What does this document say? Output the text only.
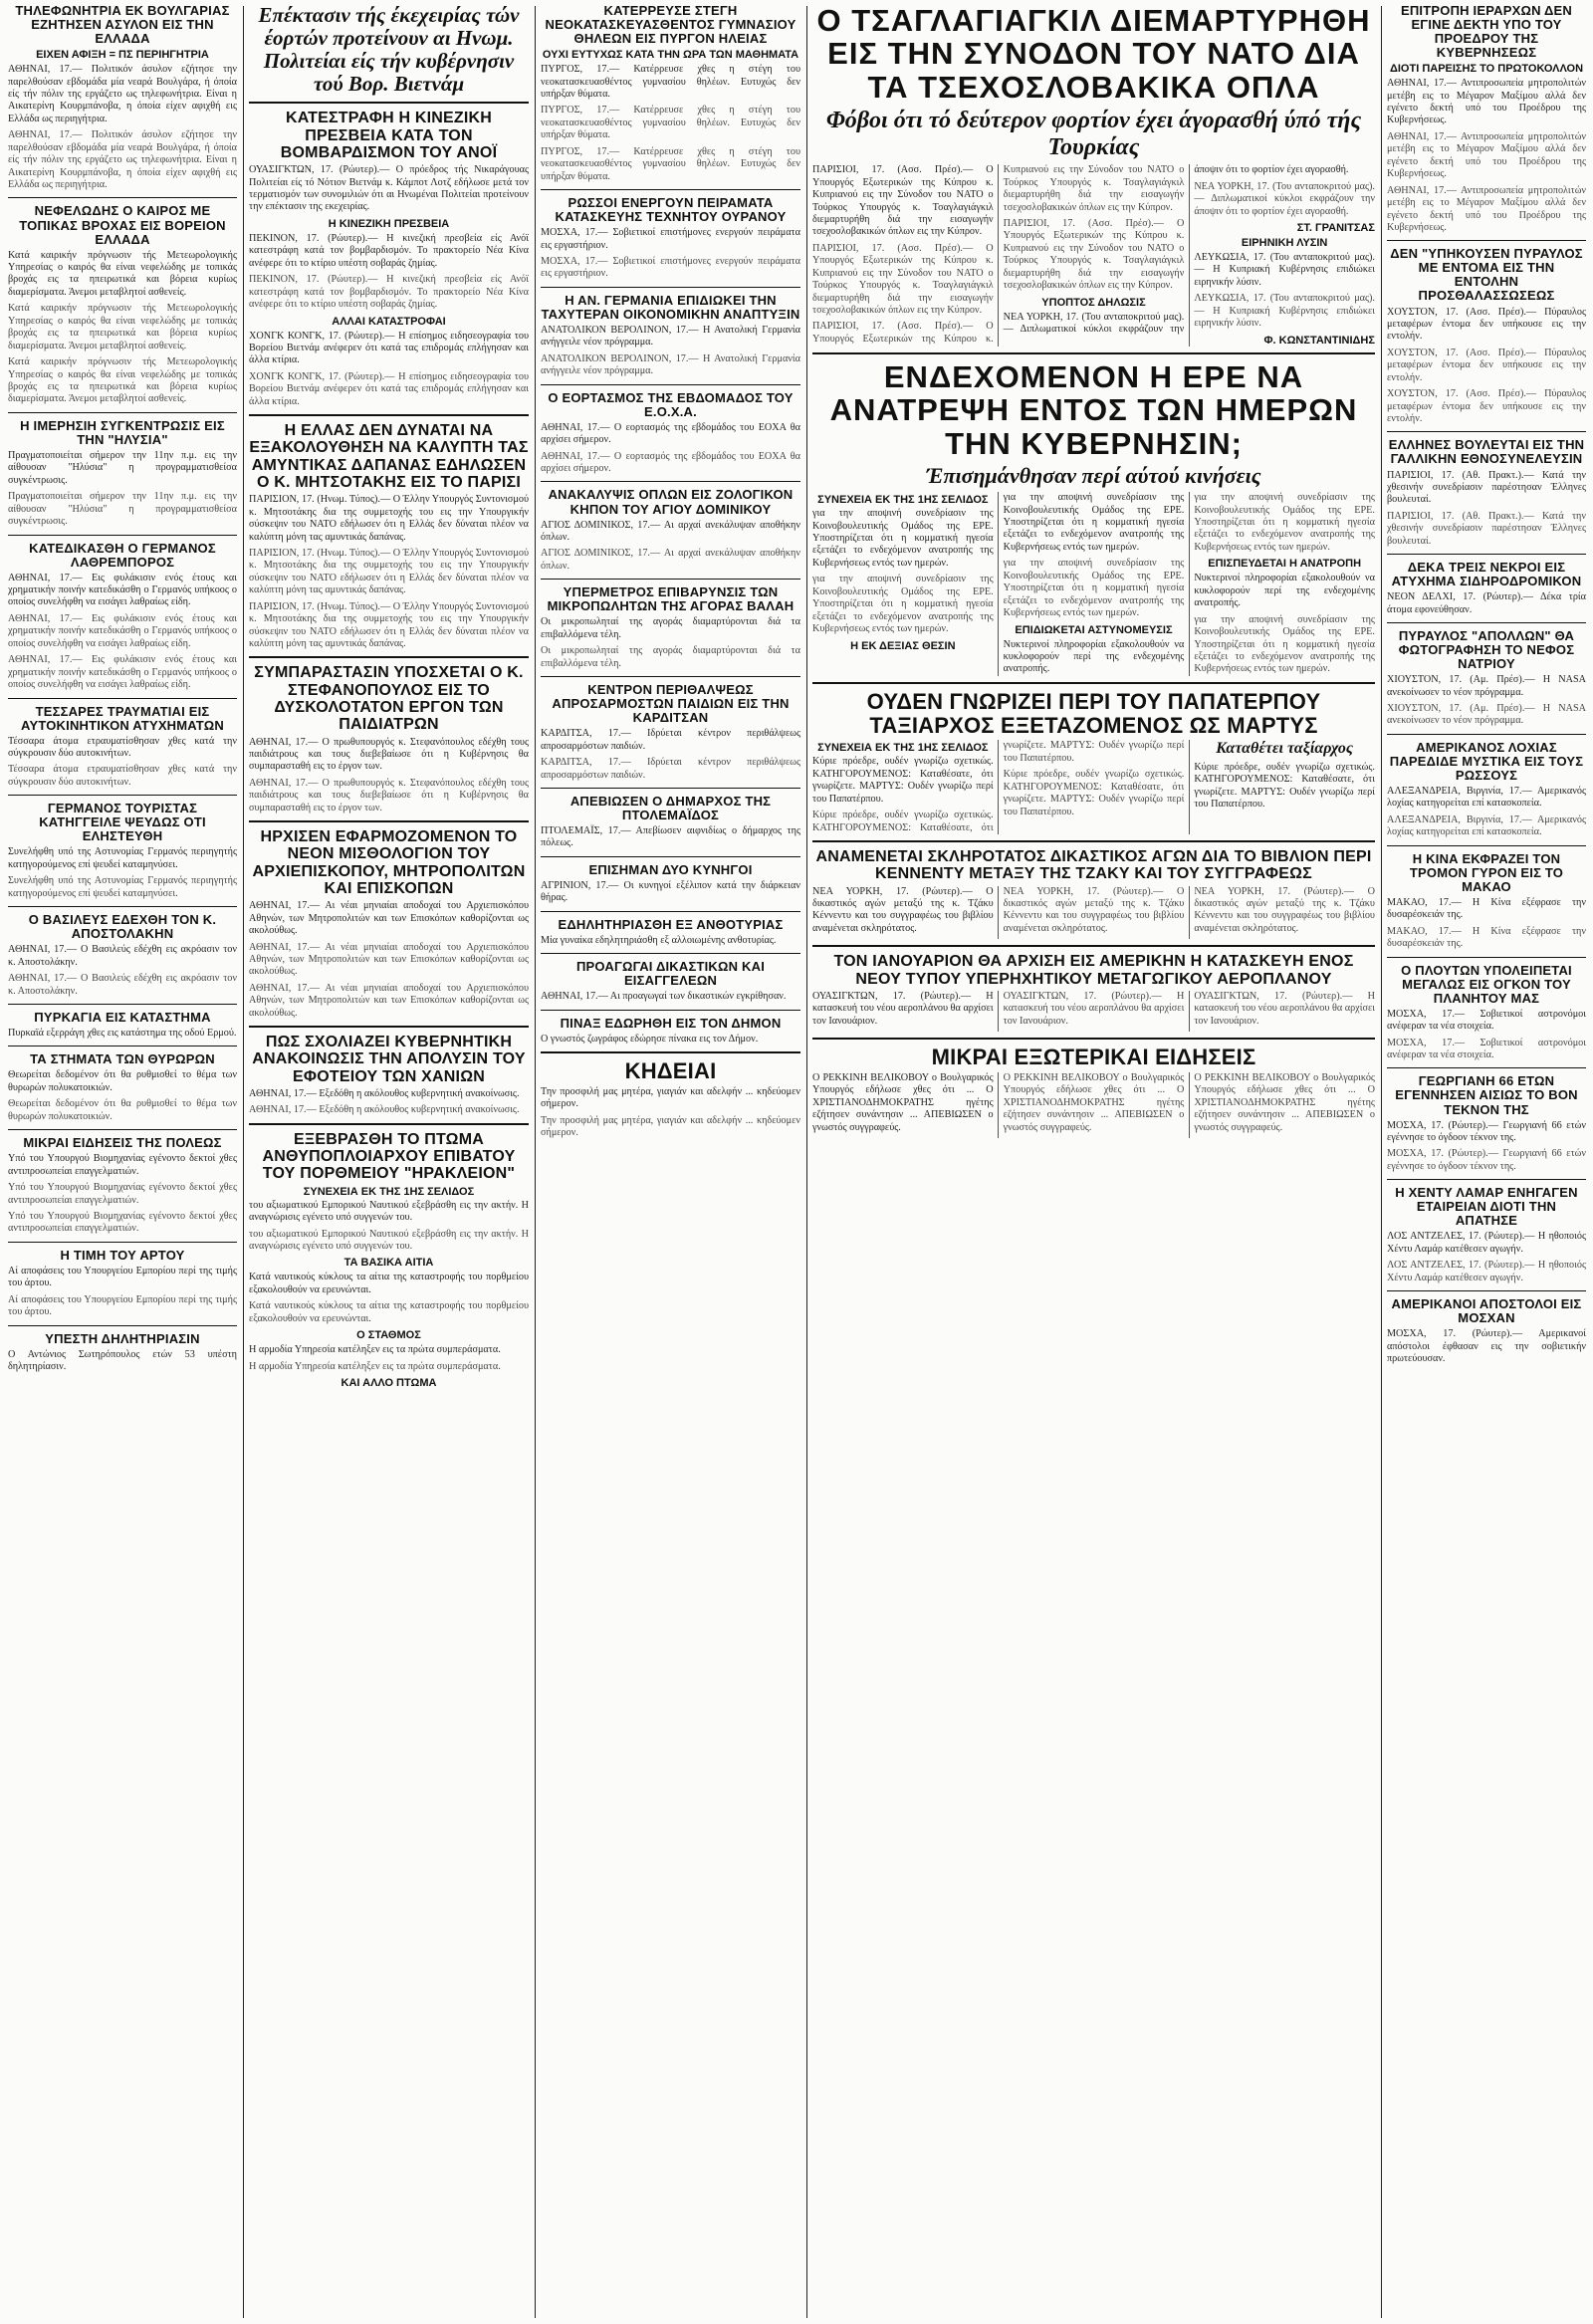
ΤΗΛΕΦΩΝΗΤΡΙΑ ΕΚ ΒΟΥΛΓΑΡΙΑΣ ΕΖΗΤΗΣΕΝ ΑΣΥΛΟΝ ΕΙΣ ΤΗΝ ΕΛΛΑΔΑ
ΕΙΧΕΝ ΑΦΙΞΗ = ΠΣ ΠΕΡΙΗΓΗΤΡΙΑ

ΑΘΗΝΑΙ, 17.— Πολιτικόν άσυλον εζήτησε την παρελθούσαν εβδομάδα μία νεαρά Βουλγάρα, ή όποία είς τήν πόλιν της εργάζετο ως τηλεφωνήτρια. Είναι η Αικατερίνη Κουρμπάνοβα, η όποία είχεν αφιχθή εις Ελλάδα ως περιηγήτρια.

ΑΘΗΝΑΙ, 17.— Πολιτικόν άσυλον εζήτησε την παρελθούσαν εβδομάδα μία νεαρά Βουλγάρα, ή όποία είς τήν πόλιν της εργάζετο ως τηλεφωνήτρια. Είναι η Αικατερίνη Κουρμπάνοβα, η όποία είχεν αφιχθή εις Ελλάδα ως περιηγήτρια.

ΝΕΦΕΛΩΔΗΣ Ο ΚΑΙΡΟΣ ΜΕ ΤΟΠΙΚΑΣ ΒΡΟΧΑΣ ΕΙΣ ΒΟΡΕΙΟΝ ΕΛΛΑΔΑ

Κατά καιρικήν πρόγνωσιν τής Μετεωρολογικής Υπηρεσίας ο καιρός θα είναι νεφελώδης με τοπικάς βροχάς εις τα ηπειρωτικά και βόρεια κυρίως διαμερίσματα. Άνεμοι μεταβλητοί ασθενείς.

Κατά καιρικήν πρόγνωσιν τής Μετεωρολογικής Υπηρεσίας ο καιρός θα είναι νεφελώδης με τοπικάς βροχάς εις τα ηπειρωτικά και βόρεια κυρίως διαμερίσματα. Άνεμοι μεταβλητοί ασθενείς.

Κατά καιρικήν πρόγνωσιν τής Μετεωρολογικής Υπηρεσίας ο καιρός θα είναι νεφελώδης με τοπικάς βροχάς εις τα ηπειρωτικά και βόρεια κυρίως διαμερίσματα. Άνεμοι μεταβλητοί ασθενείς.

Η ΙΜΕΡΗΣΙΗ ΣΥΓΚΕΝΤΡΩΣΙΣ ΕΙΣ ΤΗΝ "ΗΛΥΣΙΑ"

Πραγματοποιείται σήμερον την 11ην π.μ. εις την αίθουσαν "Ηλύσια" η προγραμματισθείσα συγκέντρωσις.

Πραγματοποιείται σήμερον την 11ην π.μ. εις την αίθουσαν "Ηλύσια" η προγραμματισθείσα συγκέντρωσις.

ΚΑΤΕΔΙΚΑΣΘΗ Ο ΓΕΡΜΑΝΟΣ ΛΑΘΡΕΜΠΟΡΟΣ

ΑΘΗΝΑΙ, 17.— Εις φυλάκισιν ενός έτους και χρηματικήν ποινήν κατεδικάσθη ο Γερμανός υπήκοος ο οποίος συνελήφθη να εισάγει λαθραίως είδη.

ΑΘΗΝΑΙ, 17.— Εις φυλάκισιν ενός έτους και χρηματικήν ποινήν κατεδικάσθη ο Γερμανός υπήκοος ο οποίος συνελήφθη να εισάγει λαθραίως είδη.

ΑΘΗΝΑΙ, 17.— Εις φυλάκισιν ενός έτους και χρηματικήν ποινήν κατεδικάσθη ο Γερμανός υπήκοος ο οποίος συνελήφθη να εισάγει λαθραίως είδη.

ΤΕΣΣΑΡΕΣ ΤΡΑΥΜΑΤΙΑΙ ΕΙΣ ΑΥΤΟΚΙΝΗΤΙΚΟΝ ΑΤΥΧΗΜΑΤΩΝ

Τέσσαρα άτομα ετραυματίσθησαν χθες κατά την σύγκρουσιν δύο αυτοκινήτων.

Τέσσαρα άτομα ετραυματίσθησαν χθες κατά την σύγκρουσιν δύο αυτοκινήτων.

ΓΕΡΜΑΝΟΣ ΤΟΥΡΙΣΤΑΣ ΚΑΤΗΓΓΕΙΛΕ ΨΕΥΔΩΣ ΟΤΙ ΕΛΗΣΤΕΥΘΗ

Συνελήφθη υπό της Αστυνομίας Γερμανός περιηγητής κατηγορούμενος επί ψευδεί καταμηνύσει.

Συνελήφθη υπό της Αστυνομίας Γερμανός περιηγητής κατηγορούμενος επί ψευδεί καταμηνύσει.

Ο ΒΑΣΙΛΕΥΣ ΕΔΕΧΘΗ ΤΟΝ Κ. ΑΠΟΣΤΟΛΑΚΗΝ

ΑΘΗΝΑΙ, 17.— Ο Βασιλεύς εδέχθη εις ακρόασιν τον κ. Αποστολάκην.

ΑΘΗΝΑΙ, 17.— Ο Βασιλεύς εδέχθη εις ακρόασιν τον κ. Αποστολάκην.

ΠΥΡΚΑΓΙΑ ΕΙΣ ΚΑΤΑΣΤΗΜΑ

Πυρκαϊά εξερράγη χθες εις κατάστημα της οδού Ερμού.

ΤΑ ΣΤΗΜΑΤΑ ΤΩΝ ΘΥΡΩΡΩΝ

Θεωρείται δεδομένον ότι θα ρυθμισθεί το θέμα των θυρωρών πολυκατοικιών.

Θεωρείται δεδομένον ότι θα ρυθμισθεί το θέμα των θυρωρών πολυκατοικιών.

ΜΙΚΡΑΙ ΕΙΔΗΣΕΙΣ ΤΗΣ ΠΟΛΕΩΣ

Υπό του Υπουργού Βιομηχανίας εγένοντο δεκτοί χθες αντιπροσωπείαι επαγγελματιών.

Υπό του Υπουργού Βιομηχανίας εγένοντο δεκτοί χθες αντιπροσωπείαι επαγγελματιών.

Υπό του Υπουργού Βιομηχανίας εγένοντο δεκτοί χθες αντιπροσωπείαι επαγγελματιών.

Η ΤΙΜΗ ΤΟΥ ΑΡΤΟΥ

Αί αποφάσεις του Υπουργείου Εμπορίου περί της τιμής του άρτου.

Αί αποφάσεις του Υπουργείου Εμπορίου περί της τιμής του άρτου.

ΥΠΕΣΤΗ ΔΗΛΗΤΗΡΙΑΣΙΝ

Ο Αντώνιος Σωτηρόπουλος ετών 53 υπέστη δηλητηρίασιν.

Επέκτασιν τής έκεχειρίας τών έορτών προτείνουν αι Ηνωμ. Πολιτείαι είς τήν κυβέρνησιν τού Βορ. Βιετνάμ
ΚΑΤΕΣΤΡΑΦΗ Η ΚΙΝΕΖΙΚΗ ΠΡΕΣΒΕΙΑ ΚΑΤΑ ΤΟΝ ΒΟΜΒΑΡΔΙΣΜΟΝ ΤΟΥ ΑΝΟΪ

ΟΥΑΣΙΓΚΤΩΝ, 17. (Ρώυτερ).— Ο πρόεδρος τής Νικαράγουας Πολιτείαι είς τό Νότιον Βιετνάμ κ. Κάμποτ Λοτζ εδήλωσε μετά τον τερματισμόν των συνομιλιών ότι αι Ηνωμέναι Πολιτείαι προτείνουν την επέκτασιν της εκεχειρίας.

Η ΚΙΝΕΖΙΚΗ ΠΡΕΣΒΕΙΑ

ΠΕΚΙΝΟΝ, 17. (Ρώυτερ).— Η κινεζική πρεσβεία είς Ανόϊ κατεστράφη κατά τον βομβαρδισμόν. Το πρακτορείο Νέα Κίνα ανέφερε ότι το κτίριο υπέστη σοβαράς ζημίας.

ΠΕΚΙΝΟΝ, 17. (Ρώυτερ).— Η κινεζική πρεσβεία είς Ανόϊ κατεστράφη κατά τον βομβαρδισμόν. Το πρακτορείο Νέα Κίνα ανέφερε ότι το κτίριο υπέστη σοβαράς ζημίας.

ΑΛΛΑΙ ΚΑΤΑΣΤΡΟΦΑΙ

ΧΟΝΓΚ ΚΟΝΓΚ, 17. (Ρώυτερ).— Η επίσημος ειδησεογραφία του Βορείου Βιετνάμ ανέφερεν ότι κατά τας επιδρομάς επλήγησαν και άλλα κτίρια.

ΧΟΝΓΚ ΚΟΝΓΚ, 17. (Ρώυτερ).— Η επίσημος ειδησεογραφία του Βορείου Βιετνάμ ανέφερεν ότι κατά τας επιδρομάς επλήγησαν και άλλα κτίρια.

Η ΕΛΛΑΣ ΔΕΝ ΔΥΝΑΤΑΙ ΝΑ ΕΞΑΚΟΛΟΥΘΗΣΗ ΝΑ ΚΑΛΥΠΤΗ ΤΑΣ ΑΜΥΝΤΙΚΑΣ ΔΑΠΑΝΑΣ ΕΔΗΛΩΣΕΝ Ο Κ. ΜΗΤΣΟΤΑΚΗΣ ΕΙΣ ΤΟ ΠΑΡΙΣΙ

ΠΑΡΙΣΙΟΝ, 17. (Ηνωμ. Τύπος).— Ο Έλλην Υπουργός Συντονισμού κ. Μητσοτάκης δια της συμμετοχής του εις την Υπουργικήν σύσκεψιν του ΝΑΤΟ εδήλωσεν ότι η Ελλάς δεν δύναται πλέον να καλύπτη μόνη τας αμυντικάς δαπάνας.

ΠΑΡΙΣΙΟΝ, 17. (Ηνωμ. Τύπος).— Ο Έλλην Υπουργός Συντονισμού κ. Μητσοτάκης δια της συμμετοχής του εις την Υπουργικήν σύσκεψιν του ΝΑΤΟ εδήλωσεν ότι η Ελλάς δεν δύναται πλέον να καλύπτη μόνη τας αμυντικάς δαπάνας.

ΠΑΡΙΣΙΟΝ, 17. (Ηνωμ. Τύπος).— Ο Έλλην Υπουργός Συντονισμού κ. Μητσοτάκης δια της συμμετοχής του εις την Υπουργικήν σύσκεψιν του ΝΑΤΟ εδήλωσεν ότι η Ελλάς δεν δύναται πλέον να καλύπτη μόνη τας αμυντικάς δαπάνας.

ΣΥΜΠΑΡΑΣΤΑΣΙΝ ΥΠΟΣΧΕΤΑΙ Ο Κ. ΣΤΕΦΑΝΟΠΟΥΛΟΣ ΕΙΣ ΤΟ ΔΥΣΚΟΛΟΤΑΤΟΝ ΕΡΓΟΝ ΤΩΝ ΠΑΙΔΙΑΤΡΩΝ

ΑΘΗΝΑΙ, 17.— Ο πρωθυπουργός κ. Στεφανόπουλος εδέχθη τους παιδιάτρους και τους διεβεβαίωσε ότι η Κυβέρνησις θα συμπαρασταθή εις το έργον των.

ΑΘΗΝΑΙ, 17.— Ο πρωθυπουργός κ. Στεφανόπουλος εδέχθη τους παιδιάτρους και τους διεβεβαίωσε ότι η Κυβέρνησις θα συμπαρασταθή εις το έργον των.

ΗΡΧΙΣΕΝ ΕΦΑΡΜΟΖΟΜΕΝΟΝ ΤΟ ΝΕΟΝ ΜΙΣΘΟΛΟΓΙΟΝ ΤΟΥ ΑΡΧΙΕΠΙΣΚΟΠΟΥ, ΜΗΤΡΟΠΟΛΙΤΩΝ ΚΑΙ ΕΠΙΣΚΟΠΩΝ

ΑΘΗΝΑΙ, 17.— Αι νέαι μηνιαίαι αποδοχαί του Αρχιεπισκόπου Αθηνών, των Μητροπολιτών και των Επισκόπων καθορίζονται ως ακολούθως.

ΑΘΗΝΑΙ, 17.— Αι νέαι μηνιαίαι αποδοχαί του Αρχιεπισκόπου Αθηνών, των Μητροπολιτών και των Επισκόπων καθορίζονται ως ακολούθως.

ΑΘΗΝΑΙ, 17.— Αι νέαι μηνιαίαι αποδοχαί του Αρχιεπισκόπου Αθηνών, των Μητροπολιτών και των Επισκόπων καθορίζονται ως ακολούθως.

ΠΩΣ ΣΧΟΛΙΑΖΕΙ ΚΥΒΕΡΝΗΤΙΚΗ ΑΝΑΚΟΙΝΩΣΙΣ ΤΗΝ ΑΠΟΛΥΣΙΝ ΤΟΥ ΕΦΟΤΕΙΟΥ ΤΩΝ ΧΑΝΙΩΝ

ΑΘΗΝΑΙ, 17.— Εξεδόθη η ακόλουθος κυβερνητική ανακοίνωσις.

ΑΘΗΝΑΙ, 17.— Εξεδόθη η ακόλουθος κυβερνητική ανακοίνωσις.

ΕΞΕΒΡΑΣΘΗ ΤΟ ΠΤΩΜΑ ΑΝΘΥΠΟΠΛΟΙΑΡΧΟΥ ΕΠΙΒΑΤΟΥ ΤΟΥ ΠΟΡΘΜΕΙΟΥ "ΗΡΑΚΛΕΙΟΝ"
ΣΥΝΕΧΕΙΑ ΕΚ ΤΗΣ 1ΗΣ ΣΕΛΙΔΟΣ

του αξιωματικού Εμπορικού Ναυτικού εξεβράσθη εις την ακτήν. Η αναγνώρισις εγένετο υπό συγγενών του.

του αξιωματικού Εμπορικού Ναυτικού εξεβράσθη εις την ακτήν. Η αναγνώρισις εγένετο υπό συγγενών του.

ΤΑ ΒΑΣΙΚΑ ΑΙΤΙΑ

Κατά ναυτικούς κύκλους τα αίτια της καταστροφής του πορθμείου εξακολουθούν να ερευνώνται.

Κατά ναυτικούς κύκλους τα αίτια της καταστροφής του πορθμείου εξακολουθούν να ερευνώνται.

Ο ΣΤΑΘΜΟΣ

Η αρμοδία Υπηρεσία κατέληξεν εις τα πρώτα συμπεράσματα.

Η αρμοδία Υπηρεσία κατέληξεν εις τα πρώτα συμπεράσματα.

ΚΑΙ ΑΛΛΟ ΠΤΩΜΑ
ΚΑΤΕΡΡΕΥΣΕ ΣΤΕΓΗ ΝΕΟΚΑΤΑΣΚΕΥΑΣΘΕΝΤΟΣ ΓΥΜΝΑΣΙΟΥ ΘΗΛΕΩΝ ΕΙΣ ΠΥΡΓΟΝ ΗΛΕΙΑΣ
ΟΥΧΙ ΕΥΤΥΧΩΣ ΚΑΤΑ ΤΗΝ ΩΡΑ ΤΩΝ ΜΑΘΗΜΑΤΑ

ΠΥΡΓΟΣ, 17.— Κατέρρευσε χθες η στέγη του νεοκατασκευασθέντος γυμνασίου θηλέων. Ευτυχώς δεν υπήρξαν θύματα.

ΠΥΡΓΟΣ, 17.— Κατέρρευσε χθες η στέγη του νεοκατασκευασθέντος γυμνασίου θηλέων. Ευτυχώς δεν υπήρξαν θύματα.

ΠΥΡΓΟΣ, 17.— Κατέρρευσε χθες η στέγη του νεοκατασκευασθέντος γυμνασίου θηλέων. Ευτυχώς δεν υπήρξαν θύματα.

ΡΩΣΣΟΙ ΕΝΕΡΓΟΥΝ ΠΕΙΡΑΜΑΤΑ ΚΑΤΑΣΚΕΥΗΣ ΤΕΧΝΗΤΟΥ ΟΥΡΑΝΟΥ

ΜΟΣΧΑ, 17.— Σοβιετικοί επιστήμονες ενεργούν πειράματα εις εργαστήριον.

ΜΟΣΧΑ, 17.— Σοβιετικοί επιστήμονες ενεργούν πειράματα εις εργαστήριον.

Η ΑΝ. ΓΕΡΜΑΝΙΑ ΕΠΙΔΙΩΚΕΙ ΤΗΝ ΤΑΧΥΤΕΡΑΝ ΟΙΚΟΝΟΜΙΚΗΝ ΑΝΑΠΤΥΞΙΝ

ΑΝΑΤΟΛΙΚΟΝ ΒΕΡΟΛΙΝΟΝ, 17.— Η Ανατολική Γερμανία ανήγγειλε νέον πρόγραμμα.

ΑΝΑΤΟΛΙΚΟΝ ΒΕΡΟΛΙΝΟΝ, 17.— Η Ανατολική Γερμανία ανήγγειλε νέον πρόγραμμα.

Ο ΕΟΡΤΑΣΜΟΣ ΤΗΣ ΕΒΔΟΜΑΔΟΣ ΤΟΥ Ε.Ο.Χ.Α.

ΑΘΗΝΑΙ, 17.— Ο εορτασμός της εβδομάδος του ΕΟΧΑ θα αρχίσει σήμερον.

ΑΘΗΝΑΙ, 17.— Ο εορτασμός της εβδομάδος του ΕΟΧΑ θα αρχίσει σήμερον.

ΑΝΑΚΑΛΥΨΙΣ ΟΠΛΩΝ ΕΙΣ ΖΟΛΟΓΙΚΟΝ ΚΗΠΟΝ ΤΟΥ ΑΓΙΟΥ ΔΟΜΙΝΙΚΟΥ

ΑΓΙΟΣ ΔΟΜΙΝΙΚΟΣ, 17.— Αι αρχαί ανεκάλυψαν αποθήκην όπλων.

ΑΓΙΟΣ ΔΟΜΙΝΙΚΟΣ, 17.— Αι αρχαί ανεκάλυψαν αποθήκην όπλων.

ΥΠΕΡΜΕΤΡΟΣ ΕΠΙΒΑΡΥΝΣΙΣ ΤΩΝ ΜΙΚΡΟΠΩΛΗΤΩΝ ΤΗΣ ΑΓΟΡΑΣ ΒΑΛΑΗ

Οι μικροπωληταί της αγοράς διαμαρτύρονται διά τα επιβαλλόμενα τέλη.

Οι μικροπωληταί της αγοράς διαμαρτύρονται διά τα επιβαλλόμενα τέλη.

ΚΕΝΤΡΟΝ ΠΕΡΙΘΑΛΨΕΩΣ ΑΠΡΟΣΑΡΜΟΣΤΩΝ ΠΑΙΔΙΩΝ ΕΙΣ ΤΗΝ ΚΑΡΔΙΤΣΑΝ

ΚΑΡΔΙΤΣΑ, 17.— Ιδρύεται κέντρον περιθάλψεως απροσαρμόστων παιδιών.

ΚΑΡΔΙΤΣΑ, 17.— Ιδρύεται κέντρον περιθάλψεως απροσαρμόστων παιδιών.

ΑΠΕΒΙΩΣΕΝ Ο ΔΗΜΑΡΧΟΣ ΤΗΣ ΠΤΟΛΕΜΑΪΔΟΣ

ΠΤΟΛΕΜΑΪΣ, 17.— Απεβίωσεν αιφνιδίως ο δήμαρχος της πόλεως.

ΕΠΙΣΗΜΑΝ ΔΥΟ ΚΥΝΗΓΟΙ

ΑΓΡΙΝΙΟΝ, 17.— Οι κυνηγοί εξέλιπον κατά την διάρκειαν θήρας.

ΕΔΗΛΗΤΗΡΙΑΣΘΗ ΕΞ ΑΝΘΟΤΥΡΙΑΣ

Μία γυναίκα εδηλητηριάσθη εξ αλλοιωμένης ανθοτυρίας.

ΠΡΟΑΓΩΓΑΙ ΔΙΚΑΣΤΙΚΩΝ ΚΑΙ ΕΙΣΑΓΓΕΛΕΩΝ

ΑΘΗΝΑΙ, 17.— Αι προαγωγαί των δικαστικών εγκρίθησαν.

ΠΙΝΑΞ ΕΔΩΡΗΘΗ ΕΙΣ ΤΟΝ ΔΗΜΟΝ

Ο γνωστός ζωγράφος εδώρησε πίνακα εις τον Δήμον.

ΚΗΔΕΙΑΙ

Την προσφιλή μας μητέρα, γιαγιάν και αδελφήν ... κηδεύομεν σήμερον.

Την προσφιλή μας μητέρα, γιαγιάν και αδελφήν ... κηδεύομεν σήμερον.

Ο ΤΣΑΓΛΑΓΙΑΓΚΙΛ ΔΙΕΜΑΡΤΥΡΗΘΗ ΕΙΣ ΤΗΝ ΣΥΝΟΔΟΝ ΤΟΥ ΝΑΤΟ ΔΙΑ ΤΑ ΤΣΕΧΟΣΛΟΒΑΚΙΚΑ ΟΠΛΑ
Φόβοι ότι τό δεύτερον φορτίον έχει άγορασθή ύπό τής Τουρκίας

ΠΑΡΙΣΙΟΙ, 17. (Ασσ. Πρέσ).— Ο Υπουργός Εξωτερικών της Κύπρου κ. Κυπριανού εις την Σύνοδον του ΝΑΤΟ ο Τούρκος Υπουργός κ. Τσαγλαγιάγκιλ διεμαρτυρήθη διά την εισαγωγήν τσεχοσλοβακικών όπλων εις την Κύπρον.

ΠΑΡΙΣΙΟΙ, 17. (Ασσ. Πρέσ).— Ο Υπουργός Εξωτερικών της Κύπρου κ. Κυπριανού εις την Σύνοδον του ΝΑΤΟ ο Τούρκος Υπουργός κ. Τσαγλαγιάγκιλ διεμαρτυρήθη διά την εισαγωγήν τσεχοσλοβακικών όπλων εις την Κύπρον.

ΠΑΡΙΣΙΟΙ, 17. (Ασσ. Πρέσ).— Ο Υπουργός Εξωτερικών της Κύπρου κ. Κυπριανού εις την Σύνοδον του ΝΑΤΟ ο Τούρκος Υπουργός κ. Τσαγλαγιάγκιλ διεμαρτυρήθη διά την εισαγωγήν τσεχοσλοβακικών όπλων εις την Κύπρον.

ΠΑΡΙΣΙΟΙ, 17. (Ασσ. Πρέσ).— Ο Υπουργός Εξωτερικών της Κύπρου κ. Κυπριανού εις την Σύνοδον του ΝΑΤΟ ο Τούρκος Υπουργός κ. Τσαγλαγιάγκιλ διεμαρτυρήθη διά την εισαγωγήν τσεχοσλοβακικών όπλων εις την Κύπρον.

ΥΠΟΠΤΟΣ ΔΗΛΩΣΙΣ

ΝΕΑ ΥΟΡΚΗ, 17. (Του ανταποκριτού μας).— Διπλωματικοί κύκλοι εκφράζουν την άποψιν ότι το φορτίον έχει αγορασθή.

ΝΕΑ ΥΟΡΚΗ, 17. (Του ανταποκριτού μας).— Διπλωματικοί κύκλοι εκφράζουν την άποψιν ότι το φορτίον έχει αγορασθή.

ΣΤ. ΓΡΑΝΙΤΣΑΣ
ΕΙΡΗΝΙΚΗ ΛΥΣΙΝ

ΛΕΥΚΩΣΙΑ, 17. (Του ανταποκριτού μας).— Η Κυπριακή Κυβέρνησις επιδιώκει ειρηνικήν λύσιν.

ΛΕΥΚΩΣΙΑ, 17. (Του ανταποκριτού μας).— Η Κυπριακή Κυβέρνησις επιδιώκει ειρηνικήν λύσιν.

Φ. ΚΩΝΣΤΑΝΤΙΝΙΔΗΣ
ΕΝΔΕΧΟΜΕΝΟΝ Η ΕΡΕ ΝΑ ΑΝΑΤΡΕΨΗ ΕΝΤΟΣ ΤΩΝ ΗΜΕΡΩΝ ΤΗΝ ΚΥΒΕΡΝΗΣΙΝ;
Έπισημάνθησαν περί αύτού κινήσεις
ΣΥΝΕΧΕΙΑ ΕΚ ΤΗΣ 1ΗΣ ΣΕΛΙΔΟΣ

για την αποψινή συνεδρίασιν της Κοινοβουλευτικής Ομάδος της ΕΡΕ. Υποστηρίζεται ότι η κομματική ηγεσία εξετάζει το ενδεχόμενον ανατροπής της Κυβερνήσεως εντός των ημερών.

για την αποψινή συνεδρίασιν της Κοινοβουλευτικής Ομάδος της ΕΡΕ. Υποστηρίζεται ότι η κομματική ηγεσία εξετάζει το ενδεχόμενον ανατροπής της Κυβερνήσεως εντός των ημερών.

Η ΕΚ ΔΕΞΙΑΣ ΘΕΣΙΝ

για την αποψινή συνεδρίασιν της Κοινοβουλευτικής Ομάδος της ΕΡΕ. Υποστηρίζεται ότι η κομματική ηγεσία εξετάζει το ενδεχόμενον ανατροπής της Κυβερνήσεως εντός των ημερών.

για την αποψινή συνεδρίασιν της Κοινοβουλευτικής Ομάδος της ΕΡΕ. Υποστηρίζεται ότι η κομματική ηγεσία εξετάζει το ενδεχόμενον ανατροπής της Κυβερνήσεως εντός των ημερών.

ΕΠΙΔΙΩΚΕΤΑΙ ΑΣΤΥΝΟΜΕΥΣΙΣ

Νυκτερινοί πληροφορίαι εξακολουθούν να κυκλοφορούν περί της ενδεχομένης ανατροπής.

για την αποψινή συνεδρίασιν της Κοινοβουλευτικής Ομάδος της ΕΡΕ. Υποστηρίζεται ότι η κομματική ηγεσία εξετάζει το ενδεχόμενον ανατροπής της Κυβερνήσεως εντός των ημερών.

ΕΠΙΣΠΕΥΔΕΤΑΙ Η ΑΝΑΤΡΟΠΗ

Νυκτερινοί πληροφορίαι εξακολουθούν να κυκλοφορούν περί της ενδεχομένης ανατροπής.

για την αποψινή συνεδρίασιν της Κοινοβουλευτικής Ομάδος της ΕΡΕ. Υποστηρίζεται ότι η κομματική ηγεσία εξετάζει το ενδεχόμενον ανατροπής της Κυβερνήσεως εντός των ημερών.

ΟΥΔΕΝ ΓΝΩΡΙΖΕΙ ΠΕΡΙ ΤΟΥ ΠΑΠΑΤΕΡΠΟΥ ΤΑΞΙΑΡΧΟΣ ΕΞΕΤΑΖΟΜΕΝΟΣ ΩΣ ΜΑΡΤΥΣ
ΣΥΝΕΧΕΙΑ ΕΚ ΤΗΣ 1ΗΣ ΣΕΛΙΔΟΣ

Κύριε πρόεδρε, ουδέν γνωρίζω σχετικώς. ΚΑΤΗΓΟΡΟΥΜΕΝΟΣ: Καταθέσατε, ότι γνωρίζετε. ΜΑΡΤΥΣ: Ουδέν γνωρίζω περί του Παπατέρπου.

Κύριε πρόεδρε, ουδέν γνωρίζω σχετικώς. ΚΑΤΗΓΟΡΟΥΜΕΝΟΣ: Καταθέσατε, ότι γνωρίζετε. ΜΑΡΤΥΣ: Ουδέν γνωρίζω περί του Παπατέρπου.

Κύριε πρόεδρε, ουδέν γνωρίζω σχετικώς. ΚΑΤΗΓΟΡΟΥΜΕΝΟΣ: Καταθέσατε, ότι γνωρίζετε. ΜΑΡΤΥΣ: Ουδέν γνωρίζω περί του Παπατέρπου.

Καταθέτει ταξίαρχος

Κύριε πρόεδρε, ουδέν γνωρίζω σχετικώς. ΚΑΤΗΓΟΡΟΥΜΕΝΟΣ: Καταθέσατε, ότι γνωρίζετε. ΜΑΡΤΥΣ: Ουδέν γνωρίζω περί του Παπατέρπου.

ΑΝΑΜΕΝΕΤΑΙ ΣΚΛΗΡΟΤΑΤΟΣ ΔΙΚΑΣΤΙΚΟΣ ΑΓΩΝ ΔΙΑ ΤΟ ΒΙΒΛΙΟΝ ΠΕΡΙ ΚΕΝΝΕΝΤΥ ΜΕΤΑΞΥ ΤΗΣ ΤΖΑΚΥ ΚΑΙ ΤΟΥ ΣΥΓΓΡΑΦΕΩΣ

ΝΕΑ ΥΟΡΚΗ, 17. (Ρώυτερ).— Ο δικαστικός αγών μεταξύ της κ. Τζάκυ Κέννεντυ και του συγγραφέως του βιβλίου αναμένεται σκληρότατος.

ΝΕΑ ΥΟΡΚΗ, 17. (Ρώυτερ).— Ο δικαστικός αγών μεταξύ της κ. Τζάκυ Κέννεντυ και του συγγραφέως του βιβλίου αναμένεται σκληρότατος.

ΝΕΑ ΥΟΡΚΗ, 17. (Ρώυτερ).— Ο δικαστικός αγών μεταξύ της κ. Τζάκυ Κέννεντυ και του συγγραφέως του βιβλίου αναμένεται σκληρότατος.

ΤΟΝ ΙΑΝΟΥΑΡΙΟΝ ΘΑ ΑΡΧΙΣΗ ΕΙΣ ΑΜΕΡΙΚΗΝ Η ΚΑΤΑΣΚΕΥΗ ΕΝΟΣ ΝΕΟΥ ΤΥΠΟΥ ΥΠΕΡΗΧΗΤΙΚΟΥ ΜΕΤΑΓΩΓΙΚΟΥ ΑΕΡΟΠΛΑΝΟΥ

ΟΥΑΣΙΓΚΤΩΝ, 17. (Ρώυτερ).— Η κατασκευή του νέου αεροπλάνου θα αρχίσει τον Ιανουάριον.

ΟΥΑΣΙΓΚΤΩΝ, 17. (Ρώυτερ).— Η κατασκευή του νέου αεροπλάνου θα αρχίσει τον Ιανουάριον.

ΟΥΑΣΙΓΚΤΩΝ, 17. (Ρώυτερ).— Η κατασκευή του νέου αεροπλάνου θα αρχίσει τον Ιανουάριον.

ΜΙΚΡΑΙ ΕΞΩΤΕΡΙΚΑΙ ΕΙΔΗΣΕΙΣ

Ο ΡΕΚΚΙΝΗ ΒΕΛΙΚΟΒΟΥ ο Βουλγαρικός Υπουργός εδήλωσε χθες ότι ... Ο ΧΡΙΣΤΙΑΝΟΔΗΜΟΚΡΑΤΗΣ ηγέτης εζήτησεν συνάντησιν ... ΑΠΕΒΙΩΣΕΝ ο γνωστός συγγραφεύς.

Ο ΡΕΚΚΙΝΗ ΒΕΛΙΚΟΒΟΥ ο Βουλγαρικός Υπουργός εδήλωσε χθες ότι ... Ο ΧΡΙΣΤΙΑΝΟΔΗΜΟΚΡΑΤΗΣ ηγέτης εζήτησεν συνάντησιν ... ΑΠΕΒΙΩΣΕΝ ο γνωστός συγγραφεύς.

Ο ΡΕΚΚΙΝΗ ΒΕΛΙΚΟΒΟΥ ο Βουλγαρικός Υπουργός εδήλωσε χθες ότι ... Ο ΧΡΙΣΤΙΑΝΟΔΗΜΟΚΡΑΤΗΣ ηγέτης εζήτησεν συνάντησιν ... ΑΠΕΒΙΩΣΕΝ ο γνωστός συγγραφεύς.

ΕΠΙΤΡΟΠΗ ΙΕΡΑΡΧΩΝ ΔΕΝ ΕΓΙΝΕ ΔΕΚΤΗ ΥΠΟ ΤΟΥ ΠΡΟΕΔΡΟΥ ΤΗΣ ΚΥΒΕΡΝΗΣΕΩΣ
ΔΙΟΤΙ ΠΑΡΕΙΣΗΣ ΤΟ ΠΡΩΤΟΚΟΛΛΟΝ

ΑΘΗΝΑΙ, 17.— Αντιπροσωπεία μητροπολιτών μετέβη εις το Μέγαρον Μαξίμου αλλά δεν εγένετο δεκτή υπό του Προέδρου της Κυβερνήσεως.

ΑΘΗΝΑΙ, 17.— Αντιπροσωπεία μητροπολιτών μετέβη εις το Μέγαρον Μαξίμου αλλά δεν εγένετο δεκτή υπό του Προέδρου της Κυβερνήσεως.

ΑΘΗΝΑΙ, 17.— Αντιπροσωπεία μητροπολιτών μετέβη εις το Μέγαρον Μαξίμου αλλά δεν εγένετο δεκτή υπό του Προέδρου της Κυβερνήσεως.

ΔΕΝ "ΥΠΗΚΟΥΣΕΝ ΠΥΡΑΥΛΟΣ ΜΕ ΕΝΤΟΜΑ ΕΙΣ ΤΗΝ ΕΝΤΟΛΗΝ ΠΡΟΣΘΑΛΑΣΣΩΣΕΩΣ

ΧΟΥΣΤΟΝ, 17. (Ασσ. Πρέσ).— Πύραυλος μεταφέρων έντομα δεν υπήκουσε εις την εντολήν.

ΧΟΥΣΤΟΝ, 17. (Ασσ. Πρέσ).— Πύραυλος μεταφέρων έντομα δεν υπήκουσε εις την εντολήν.

ΧΟΥΣΤΟΝ, 17. (Ασσ. Πρέσ).— Πύραυλος μεταφέρων έντομα δεν υπήκουσε εις την εντολήν.

ΕΛΛΗΝΕΣ ΒΟΥΛΕΥΤΑΙ ΕΙΣ ΤΗΝ ΓΑΛΛΙΚΗΝ ΕΘΝΟΣΥΝΕΛΕΥΣΙΝ

ΠΑΡΙΣΙΟΙ, 17. (Αθ. Πρακτ.).— Κατά την χθεσινήν συνεδρίασιν παρέστησαν Έλληνες βουλευταί.

ΠΑΡΙΣΙΟΙ, 17. (Αθ. Πρακτ.).— Κατά την χθεσινήν συνεδρίασιν παρέστησαν Έλληνες βουλευταί.

ΔΕΚΑ ΤΡΕΙΣ ΝΕΚΡΟΙ ΕΙΣ ΑΤΥΧΗΜΑ ΣΙΔΗΡΟΔΡΟΜΙΚΟΝ

ΝΕΟΝ ΔΕΛΧΙ, 17. (Ρώυτερ).— Δέκα τρία άτομα εφονεύθησαν.

ΠΥΡΑΥΛΟΣ "ΑΠΟΛΛΩΝ" ΘΑ ΦΩΤΟΓΡΑΦΗΣΗ ΤΟ ΝΕΦΟΣ ΝΑΤΡΙΟΥ

ΧΙΟΥΣΤΟΝ, 17. (Αμ. Πρέσ).— Η NASA ανεκοίνωσεν το νέον πρόγραμμα.

ΧΙΟΥΣΤΟΝ, 17. (Αμ. Πρέσ).— Η NASA ανεκοίνωσεν το νέον πρόγραμμα.

ΑΜΕΡΙΚΑΝΟΣ ΛΟΧΙΑΣ ΠΑΡΕΔΙΔΕ ΜΥΣΤΙΚΑ ΕΙΣ ΤΟΥΣ ΡΩΣΣΟΥΣ

ΑΛΕΞΑΝΔΡΕΙΑ, Βιργινία, 17.— Αμερικανός λοχίας κατηγορείται επί κατασκοπεία.

ΑΛΕΞΑΝΔΡΕΙΑ, Βιργινία, 17.— Αμερικανός λοχίας κατηγορείται επί κατασκοπεία.

Η ΚΙΝΑ ΕΚΦΡΑΖΕΙ ΤΟΝ ΤΡΟΜΟΝ ΓΥΡΟΝ ΕΙΣ ΤΟ ΜΑΚΑΟ

ΜΑΚΑΟ, 17.— Η Κίνα εξέφρασε την δυσαρέσκειάν της.

ΜΑΚΑΟ, 17.— Η Κίνα εξέφρασε την δυσαρέσκειάν της.

Ο ΠΛΟΥΤΩΝ ΥΠΟΛΕΙΠΕΤΑΙ ΜΕΓΑΛΩΣ ΕΙΣ ΟΓΚΟΝ ΤΟΥ ΠΛΑΝΗΤΟΥ ΜΑΣ

ΜΟΣΧΑ, 17.— Σοβιετικοί αστρονόμοι ανέφεραν τα νέα στοιχεία.

ΜΟΣΧΑ, 17.— Σοβιετικοί αστρονόμοι ανέφεραν τα νέα στοιχεία.

ΓΕΩΡΓΙΑΝΗ 66 ΕΤΩΝ ΕΓΕΝΝΗΣΕΝ ΑΙΣΙΩΣ ΤΟ ΒΟΝ ΤΕΚΝΟΝ ΤΗΣ

ΜΟΣΧΑ, 17. (Ρώυτερ).— Γεωργιανή 66 ετών εγέννησε το όγδοον τέκνον της.

ΜΟΣΧΑ, 17. (Ρώυτερ).— Γεωργιανή 66 ετών εγέννησε το όγδοον τέκνον της.

Η ΧΕΝΤΥ ΛΑΜΑΡ ΕΝΗΓΑΓΕΝ ΕΤΑΙΡΕΙΑΝ ΔΙΟΤΙ ΤΗΝ ΑΠΑΤΗΣΕ

ΛΟΣ ΑΝΤΖΕΛΕΣ, 17. (Ρώυτερ).— Η ηθοποιός Χέντυ Λαμάρ κατέθεσεν αγωγήν.

ΛΟΣ ΑΝΤΖΕΛΕΣ, 17. (Ρώυτερ).— Η ηθοποιός Χέντυ Λαμάρ κατέθεσεν αγωγήν.

ΑΜΕΡΙΚΑΝΟΙ ΑΠΟΣΤΟΛΟΙ ΕΙΣ ΜΟΣΧΑΝ

ΜΟΣΧΑ, 17. (Ρώυτερ).— Αμερικανοί απόστολοι έφθασαν εις την σοβιετικήν πρωτεύουσαν.
